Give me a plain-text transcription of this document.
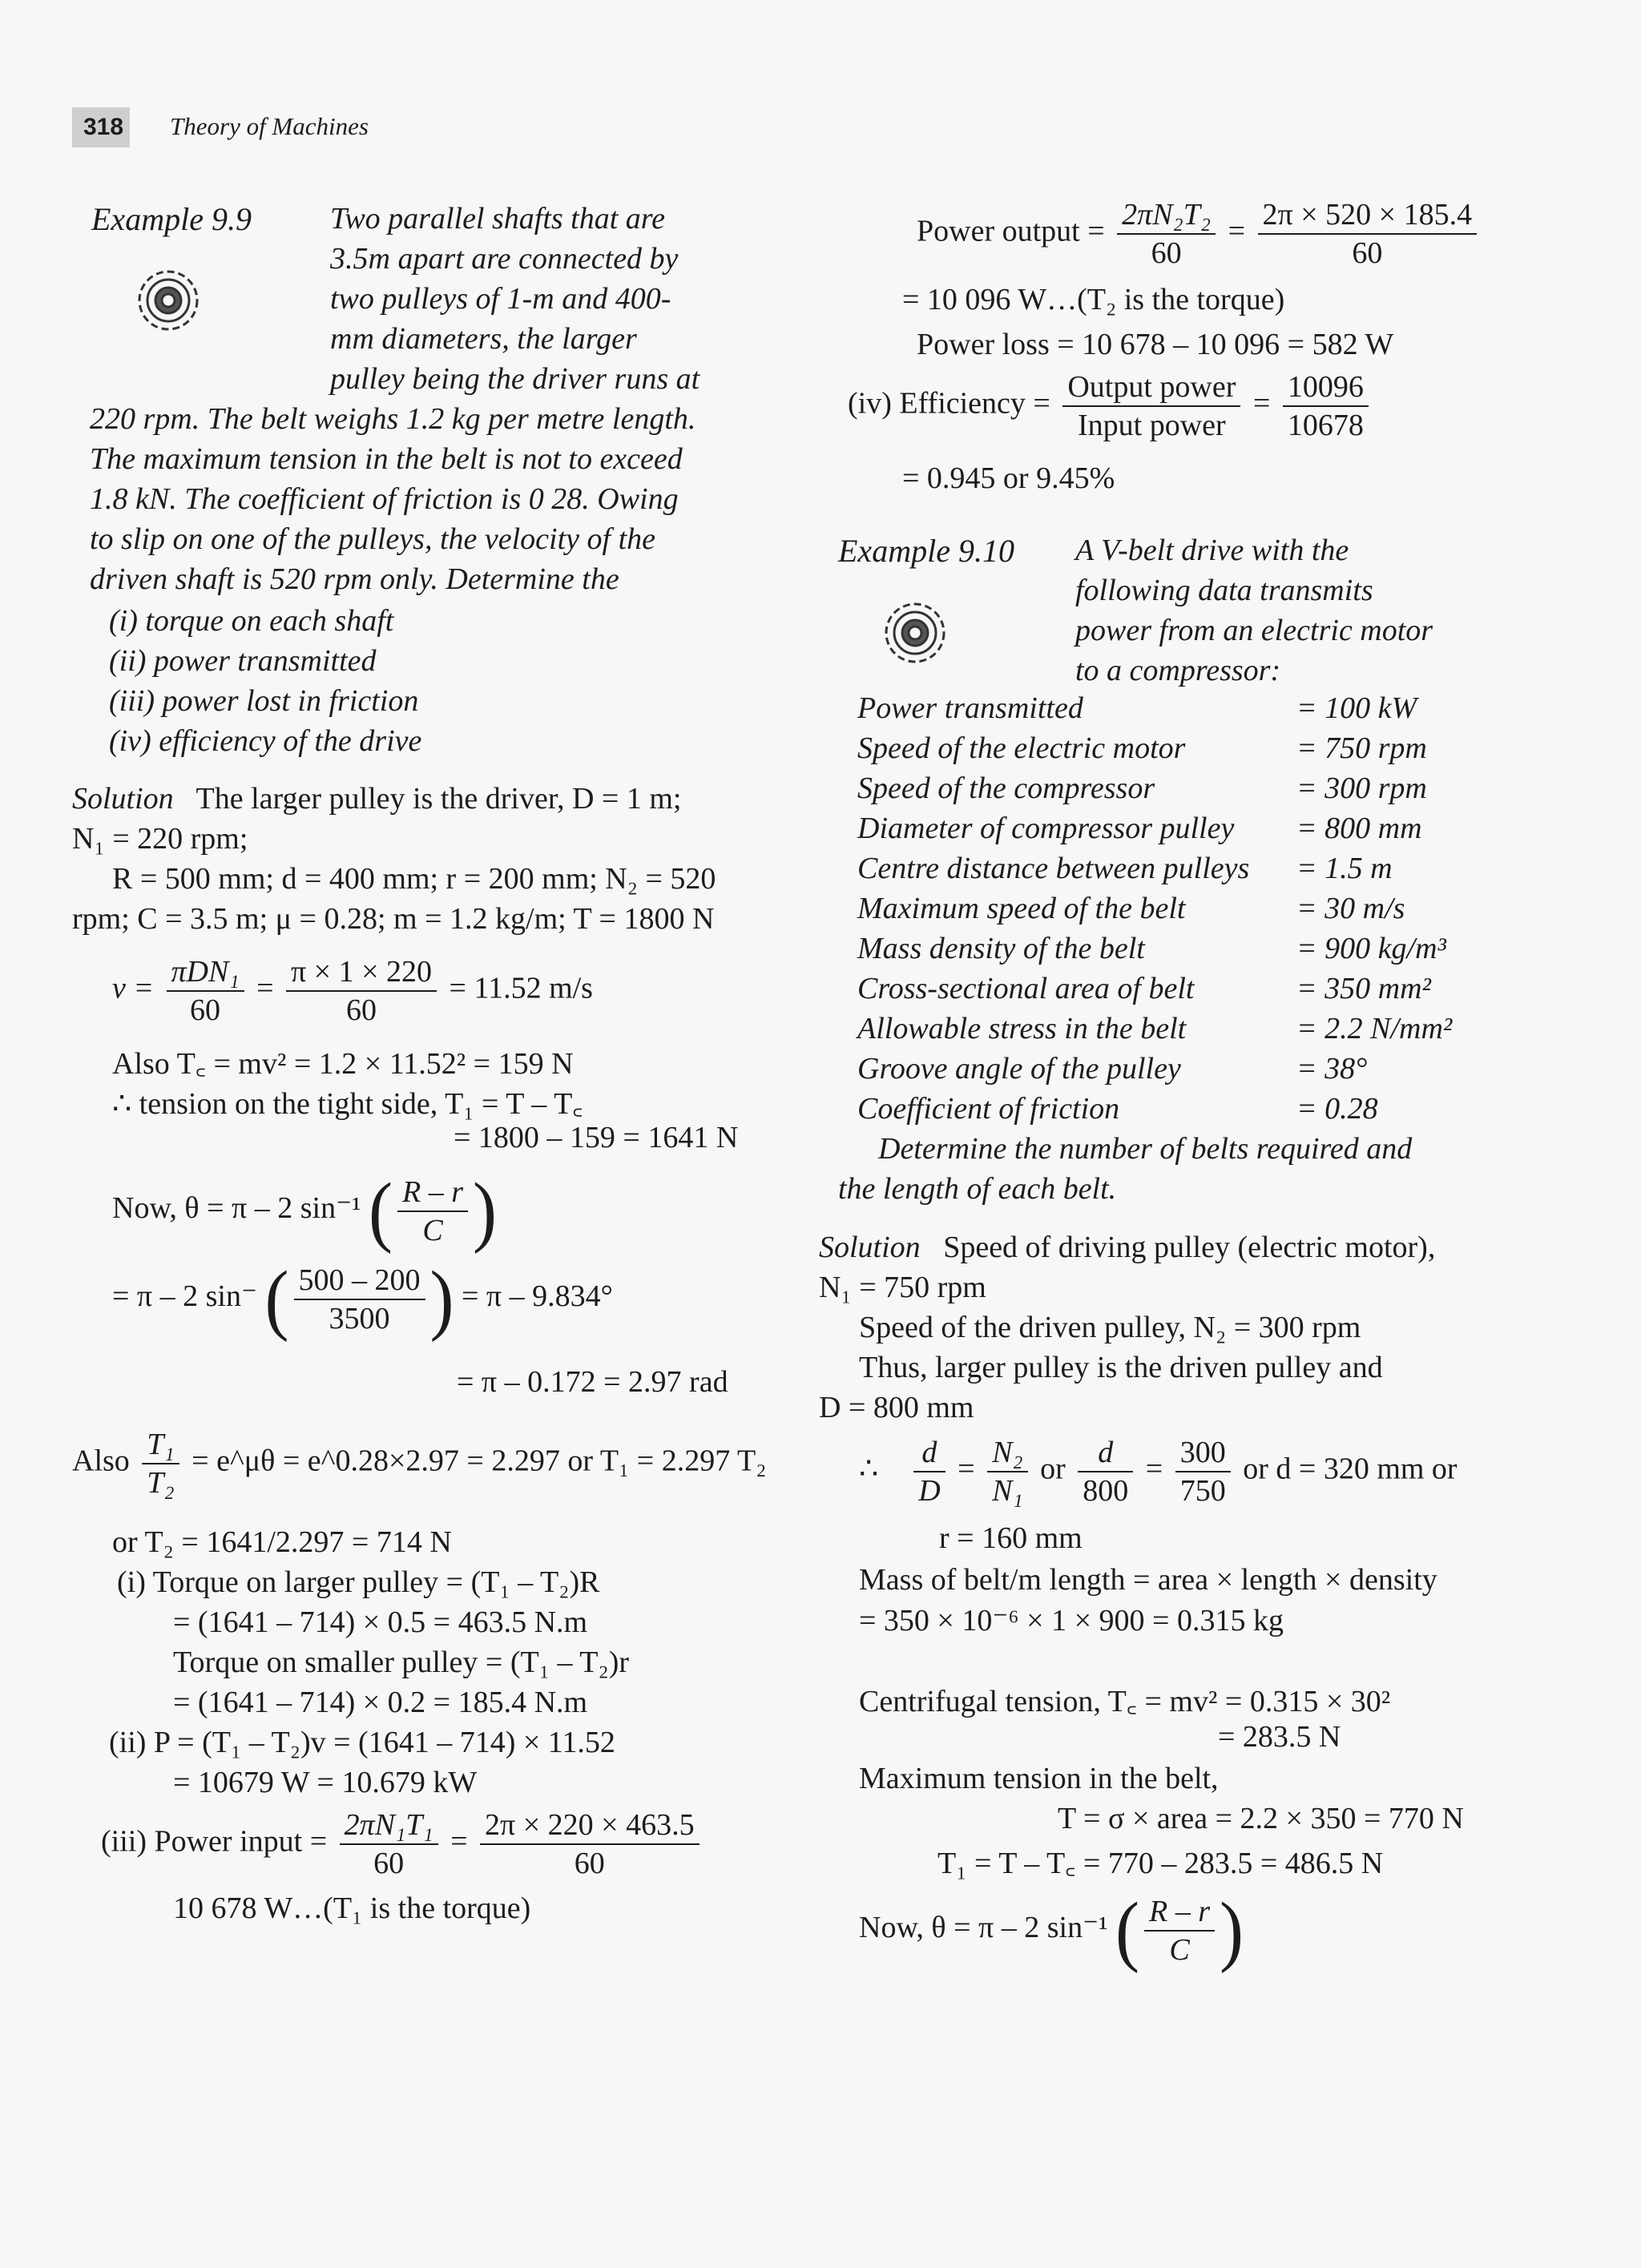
318 Theory of Machines
Example 9.9	Two parallel shafts that are
3.5m apart are connected by
two pulleys of 1-m and 400-
mm diameters, the larger
pulley being the driver runs at
220 rpm. The belt weighs 1.2 kg per metre length.
The maximum tension in the belt is not to exceed
1.8 kN. The coefficient of friction is 0 28. Owing
to slip on one of the pulleys, the velocity of the
driven shaft is 520 rpm only. Determine the
(i) torque on each shaft
(ii) power transmitted
(iii) power lost in friction
(iv) efficiency of the drive
Solution The larger pulley is the driver, D = 1 m;
N₁ = 220 rpm;
R = 500 mm; d = 400 mm; r = 200 mm; N₂ = 520
rpm; C = 3.5 m; μ = 0.28; m = 1.2 kg/m; T = 1800 N
$v = \frac{\text{πDN₁}}{60} = \frac{\pi \times 1 \times 220}{60} = 11.52$ m/s
Also T꜀ = mv² = 1.2 × 11.52² = 159 N
∴ tension on the tight side, T₁ = T – T꜀
= 1800 – 159 = 1641 N
Now, θ = π – 2 sin⁻¹ ( $\frac{R - r}{C}$ )
= π – 2 sin⁻ ( $\frac{500 - 200}{3500}$ ) = π – 9.834°
= π – 0.172 = 2.97 rad
Also $\frac{\text{T₁}}{\text{T₂}}$ = e^μθ = e^0.28×2.97 = 2.297 or T₁ = 2.297 T₂
or T₂ = 1641/2.297 = 714 N
(i) Torque on larger pulley = (T₁ – T₂)R
= (1641 – 714) × 0.5 = 463.5 N.m
Torque on smaller pulley = (T₁ – T₂)r
= (1641 – 714) × 0.2 = 185.4 N.m
(ii) P = (T₁ – T₂)v = (1641 – 714) × 11.52
= 10679 W = 10.679 kW
(iii) Power input = $\frac{\text{2πN₁T₁}}{60} = \frac{2\pi \times 220 \times 463.5}{60}$
10 678 W…(T₁ is the torque)
Power output = $\frac{\text{2πN₂T₂}}{60} = \frac{2\pi \times 520 \times 185.4}{60}$
= 10 096 W…(T₂ is the torque)
Power loss = 10 678 – 10 096 = 582 W
(iv) Efficiency = $\frac{\text{Output power}}{\text{Input power}} = \frac{10096}{10678}$
= 0.945 or 9.45%
Example 9.10 A V-belt drive with the
following data transmits
power from an electric motor
to a compressor:
Power transmitted	= 100 kW
Speed of the electric motor	= 750 rpm
Speed of the compressor	= 300 rpm
Diameter of compressor pulley = 800 mm
Centre distance between pulleys = 1.5 m
Maximum speed of the belt	= 30 m/s
Mass density of the belt	= 900 kg/m³
Cross-sectional area of belt	= 350 mm²
Allowable stress in the belt	= 2.2 N/mm²
Groove angle of the pulley	= 38°
Coefficient of friction	= 0.28
Determine the number of belts required and
the length of each belt.
Solution Speed of driving pulley (electric motor),
N₁ = 750 rpm
Speed of the driven pulley, N₂ = 300 rpm
Thus, larger pulley is the driven pulley and
D = 800 mm
∴ $\frac{d}{D} = \frac{\text{N₂}}{\text{N₁}}$ or $\frac{d}{800} = \frac{300}{750}$ or d = 320 mm or
r = 160 mm
Mass of belt/m length = area × length × density
= 350 × 10⁻⁶ × 1 × 900 = 0.315 kg
Centrifugal tension, T꜀ = mv² = 0.315 × 30²
= 283.5 N
Maximum tension in the belt,
T = σ × area = 2.2 × 350 = 770 N
T₁ = T – T꜀ = 770 – 283.5 = 486.5 N
Now, θ = π – 2 sin⁻¹ ( $\frac{R - r}{C}$ )
